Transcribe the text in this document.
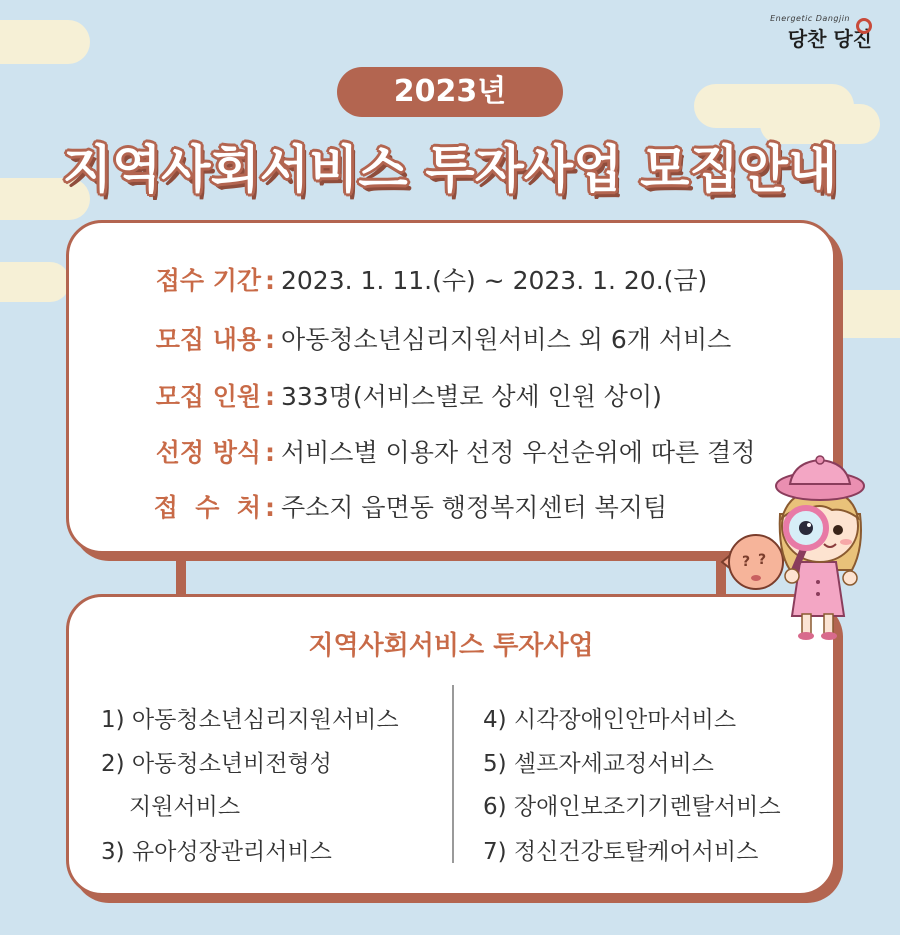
Energetic Dangjin
당찬 당진
2023년
지역사회서비스 투자사업 모집안내
접수 기간 : 2023. 1. 11.(수) ~ 2023. 1. 20.(금)
모집 내용 : 아동청소년심리지원서비스 외 6개 서비스
모집 인원 : 333명(서비스별로 상세 인원 상이)
선정 방식 : 서비스별 이용자 선정 우선순위에 따른 결정
접  수  처 : 주소지 읍면동 행정복지센터 복지팀
지역사회서비스 투자사업
1) 아동청소년심리지원서비스
2) 아동청소년비전형성
지원서비스
3) 유아성장관리서비스
4) 시각장애인안마서비스
5) 셀프자세교정서비스
6) 장애인보조기기렌탈서비스
7) 정신건강토탈케어서비스
? ?
